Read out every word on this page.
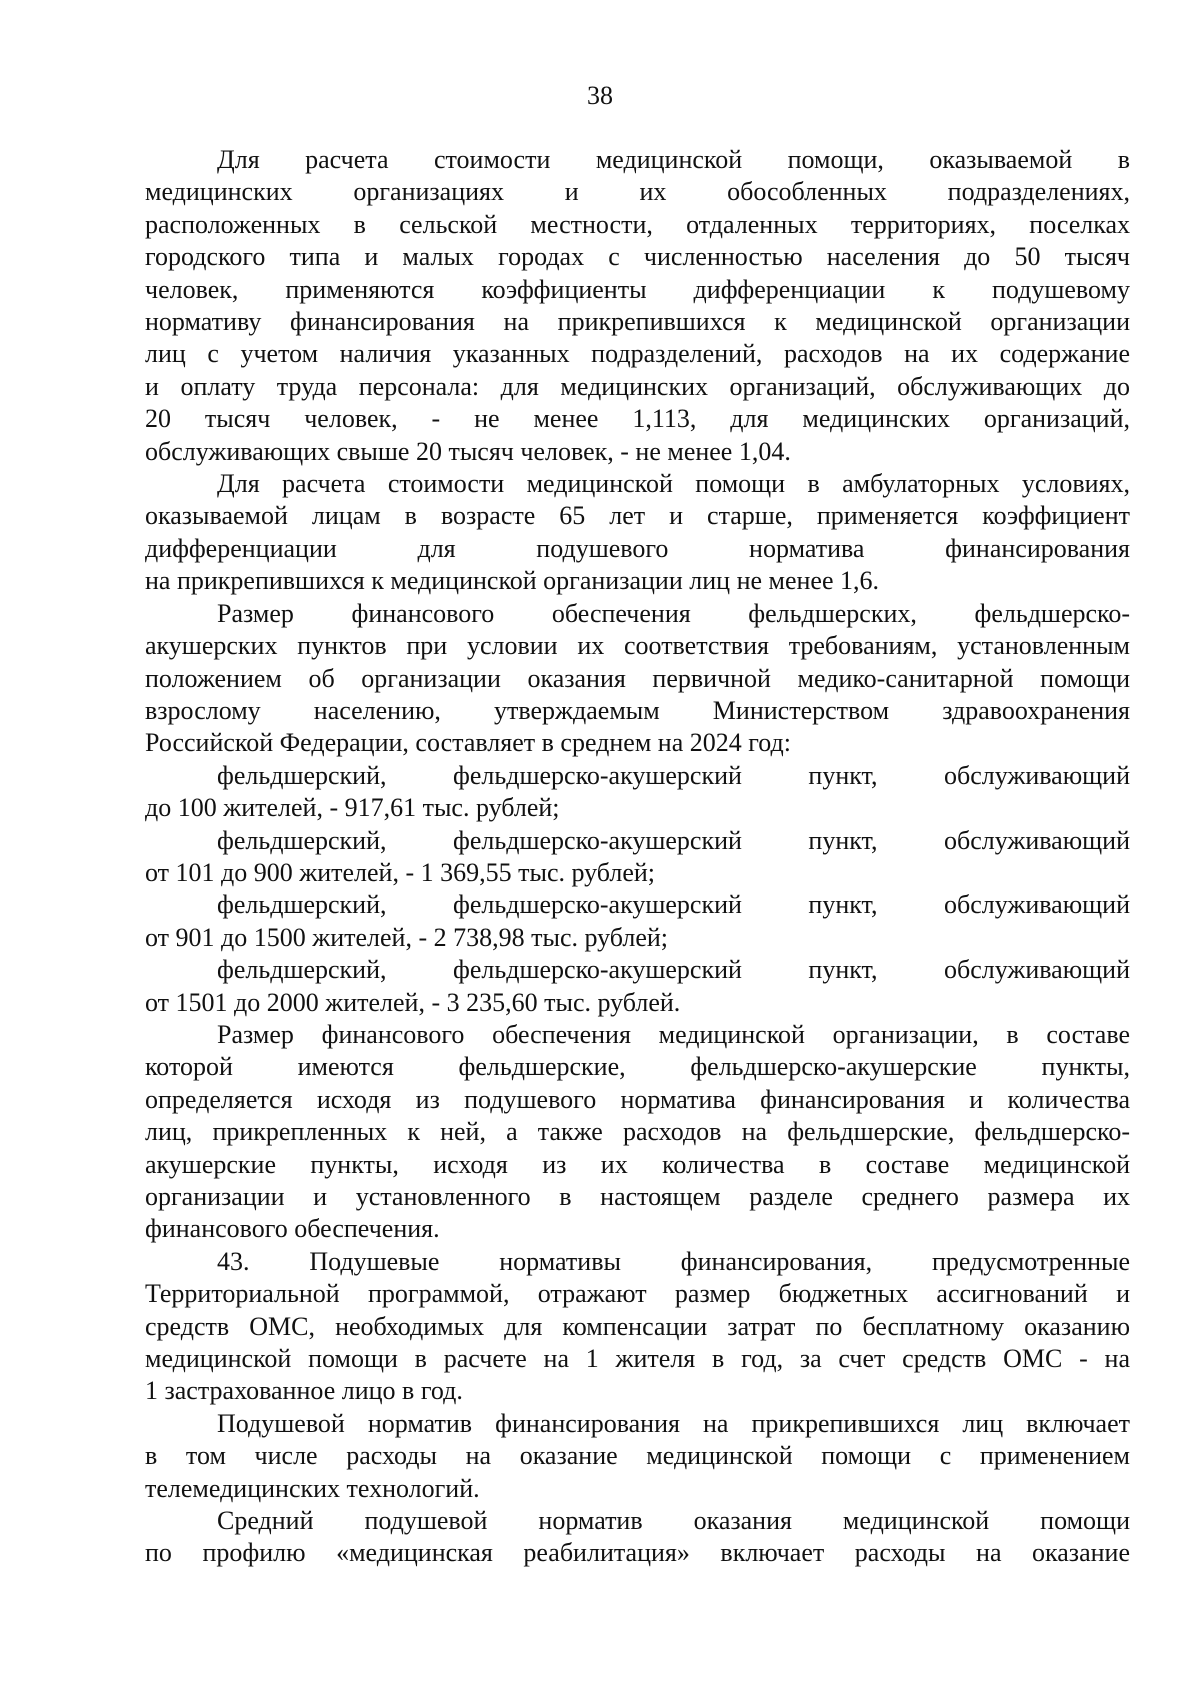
38
Для расчета стоимости медицинской помощи, оказываемой в
медицинских организациях и их обособленных подразделениях,
расположенных в сельской местности, отдаленных территориях, поселках
городского типа и малых городах с численностью населения до 50 тысяч
человек, применяются коэффициенты дифференциации к подушевому
нормативу финансирования на прикрепившихся к медицинской организации
лиц с учетом наличия указанных подразделений, расходов на их содержание
и оплату труда персонала: для медицинских организаций, обслуживающих до
20 тысяч человек, - не менее 1,113, для медицинских организаций,
обслуживающих свыше 20 тысяч человек, - не менее 1,04.
Для расчета стоимости медицинской помощи в амбулаторных условиях,
оказываемой лицам в возрасте 65 лет и старше, применяется коэффициент
дифференциации для подушевого норматива финансирования
на прикрепившихся к медицинской организации лиц не менее 1,6.
Размер финансового обеспечения фельдшерских, фельдшерско-
акушерских пунктов при условии их соответствия требованиям, установленным
положением об организации оказания первичной медико-санитарной помощи
взрослому населению, утверждаемым Министерством здравоохранения
Российской Федерации, составляет в среднем на 2024 год:
фельдшерский, фельдшерско-акушерский пункт, обслуживающий
до 100 жителей, - 917,61 тыс. рублей;
фельдшерский, фельдшерско-акушерский пункт, обслуживающий
от 101 до 900 жителей, - 1 369,55 тыс. рублей;
фельдшерский, фельдшерско-акушерский пункт, обслуживающий
от 901 до 1500 жителей, - 2 738,98 тыс. рублей;
фельдшерский, фельдшерско-акушерский пункт, обслуживающий
от 1501 до 2000 жителей, - 3 235,60 тыс. рублей.
Размер финансового обеспечения медицинской организации, в составе
которой имеются фельдшерские, фельдшерско-акушерские пункты,
определяется исходя из подушевого норматива финансирования и количества
лиц, прикрепленных к ней, а также расходов на фельдшерские, фельдшерско-
акушерские пункты, исходя из их количества в составе медицинской
организации и установленного в настоящем разделе среднего размера их
финансового обеспечения.
43. Подушевые нормативы финансирования, предусмотренные
Территориальной программой, отражают размер бюджетных ассигнований и
средств ОМС, необходимых для компенсации затрат по бесплатному оказанию
медицинской помощи в расчете на 1 жителя в год, за счет средств ОМС - на
1 застрахованное лицо в год.
Подушевой норматив финансирования на прикрепившихся лиц включает
в том числе расходы на оказание медицинской помощи с применением
телемедицинских технологий.
Средний подушевой норматив оказания медицинской помощи
по профилю «медицинская реабилитация» включает расходы на оказание
